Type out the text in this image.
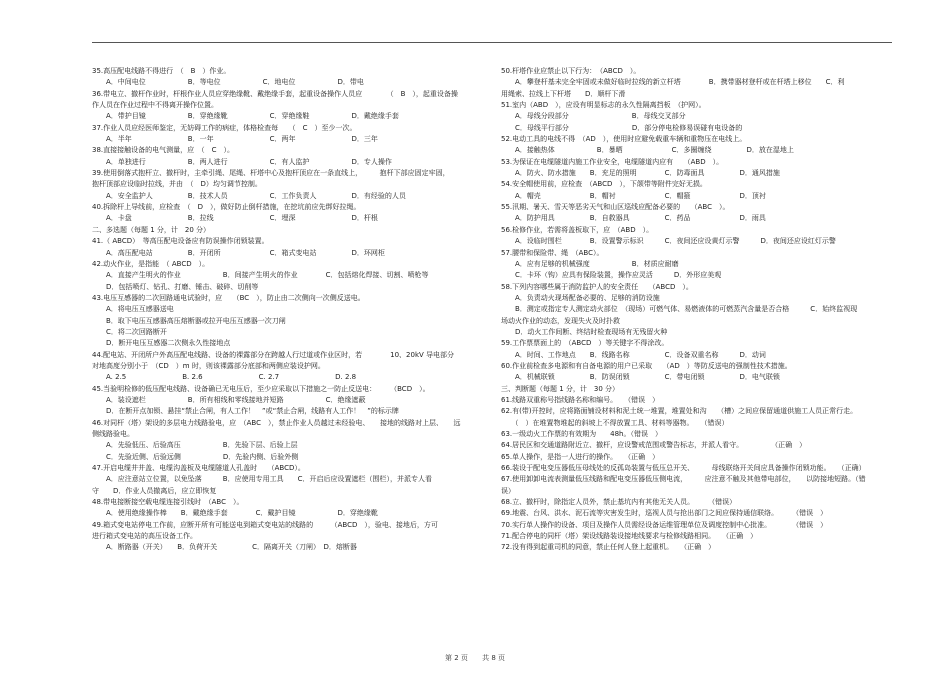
35.高压配电线路不得进行　（　B　）作业。
　　A．中间电位　　　　　　B．等电位　　　　　　C．地电位　　　　　　D．带电
36.带电立、撤杆作业时，杆根作业人员应穿绝缘靴、戴绝缘手套，起重设备操作人员应　　　　（　B　），起重设备操
作人员在作业过程中不得离开操作位置。
　　A．带护目镜　　　　　　B．穿绝缘靴　　　　　　C．穿绝缘鞋　　　　　　D．戴绝缘手套
37.作业人员应经医师鉴定，无妨碍工作的病症，体格检查每　　（　C　）至少一次。
　　A．半年　　　　　　　　B．一年　　　　　　　　C．两年　　　　　　　　D．三年
38.直接接触设备的电气测量，应　（　C　）。
　　A．单独进行　　　　　　B．两人进行　　　　　　C．有人监护　　　　　　D．专人操作
39.使用倒落式抱杆立、撤杆时，主牵引绳、尾绳、杆塔中心及抱杆顶应在一条直线上，　　　抱杆下部应固定牢固，
抱杆顶部应设临时拉线，并由　（　D）均匀调节控制。
　　A．安全监护人　　　　　B．技术人员　　　　　　C．工作负责人　　　　　D．有经验的人员
40.拆除杆上导线前，应检查　（　D　），做好防止倒杆措施，在挖坑前应先绑好拉绳。
　　A．卡盘　　　　　　　　B．拉线　　　　　　　　C．埋深　　　　　　　　D．杆根
二、多选题（每题 1 分，计　20 分）
41.（ ABCD）　等高压配电设备应有防误操作闭锁装置。
　　A．高压配电站　　　　　B．开闭所　　　　　　　C．箱式变电站　　　　　D．环网柜
42.动火作业，是指能　（ ABCD　）。
　　A．直接产生明火的作业　　　　　　B．间接产生明火的作业　　　　C．包括熔化焊接、切割、喷枪等
　　D．包括喷灯、钻孔、打磨、锤击、破碎、切削等
43.电压互感器的二次回路通电试验时，应　　（BC　），防止由二次侧向一次侧反送电。
　　A．将电压互感器送电
　　B．取下电压互感器高压熔断器或拉开电压互感器一次刀闸
　　C．将二次回路断开
　　D．断开电压互感器二次侧永久性接地点
44.配电站、开闭所户外高压配电线路、设备的裸露部分在跨越人行过道或作业区时，若　　　　10、20kV 导电部分
对地高度分别小于　（CD　）m 时，则该裸露部分底部和两侧应装设护网。
　　A. 2.5　　　　　　　　B. 2.6　　　　　　　　C. 2.7　　　　　　　　D. 2.8
45.当验明检修的低压配电线路、设备确已无电压后，至少应采取以下措施之一防止反送电：　　　（BCD　）。
　　A．装设遮栏　　　　　　B．所有相线和零线接地并短路　　　　　　C．绝缘遮蔽
　　D．在断开点加锁、悬挂“禁止合闸，有人工作！　”或“禁止合闸，线路有人工作！　”的标示牌
46.对同杆（塔）架设的多层电力线路验电，应　（ABC　），禁止作业人员越过未经验电、　　接地的线路对上层、　　远
侧线路验电。
　　A．先验低压、后验高压　　　　　　B．先验下层、后验上层
　　C．先验近侧、后验远侧　　　　　　D．先验内侧、后验外侧
47.开启电缆井井盖、电缆沟盖板及电缆隧道人孔盖时　　（ABCD）。
　　A．应注意站立位置，以免坠落　　　B．应使用专用工具　　C．开启后应设置遮栏（围栏），并派专人看
守　　D．作业人员撤离后，应立即恢复
48.带电接断接空载电缆连接引线时　（ABC　）。
　　A．使用绝缘操作棒　　B．戴绝缘手套　　　　C．戴护目镜　　　　　　D．穿绝缘靴
49.箱式变电站停电工作前，应断开所有可能送电到箱式变电站的线路的　　　（ABCD　），验电、接地后，方可
进行箱式变电站的高压设备工作。
　　A．断路器（开关）　　B．负荷开关　　　　　C．隔离开关（刀闸）　D．熔断器
50.杆塔作业应禁止以下行为：　（ABCD　）。
　　A．攀登杆基未完全牢固或未做好临时拉线的新立杆塔　　　　B．携带器材登杆或在杆塔上移位　　C．利
用绳索、拉线上下杆塔　　D．顺杆下滑
51.室内（ABD　），应设有明显标志的永久性隔离挡板　（护网）。
　　A．母线分段部分　　　　　　　　　B．母线交叉部分
　　C．母线平行部分　　　　　　　　　D．部分停电检修易误碰有电设备的
52.电动工具的电线不得　（AD　），使用时应避免载重车辆和重物压在电线上。
　　A．接触热体　　　　　　B．暴晒　　　　　　　C．多圈缠绕　　　　　D．放在湿地上
53.为保证在电缆隧道内施工作业安全，电缆隧道内应有　　（ABD　）。
　　A．防火、防水措施　　B．充足的照明　　　　C．防毒面具　　　　　D．通风措施
54.安全帽使用前，应检查　（ABCD　），下颌带等附件完好无损。
　　A．帽壳　　　　　　　B．帽衬　　　　　　　C．帽箍　　　　　　　D．顶衬
55.汛期、暑天、雪天等恶劣天气和山区巡线应配备必要的　　（ABC　）。
　　A．防护用具　　　　　B．自救器具　　　　　C．药品　　　　　　　D．雨具
56.检修作业，若需将盖板取下，应　（ABD　）。
　　A．设临时围栏　　　　B．设置警示标识　　　C．夜间还应设黄灯示警　　　D．夜间还应设红灯示警
57.腰带和保险带、绳　（ABC）。
　　A．应有足够的机械强度　　　　　　B．材质应耐磨
　　C．卡环（钩）应具有保险装置，操作应灵活　　　D．外形应美观
58.下列内容哪些属于消防监护人的安全责任　　（ABCD　）。
　　A．负责动火现场配备必要的、足够的消防设施
　　B．测定或指定专人测定动火部位　（现场）可燃气体、易燃液体的可燃蒸汽含量是否合格　　　C．始终监视现
场动火作业的动态，发现失火及时扑救
　　D．动火工作间断、终结时检查现场有无残留火种
59.工作票票面上的　（ABCD　）等关键字不得涂改。
　　A．时间、工作地点　　B．线路名称　　　　　C．设备双重名称　　　D．动词
60.作业前检查多电源和有自备电源的用户已采取　　（AD　）等防反送电的强制性技术措施。
　　A．机械联锁　　　　　B．防误闭锁　　　　　C．带电闭锁　　　　　D．电气联锁
三、判断题（每题 1 分，计　30 分）
61.线路双重称号指线路名称和编号。　　（错误　）
62.有(带)开控时，应将路面铺设材料和泥土统一堆置，堆置处和沟　　（槽）之间应保留通道供施工人员正常行走。
　　（　）在堆置物堆起的斜坡上不得放置工具、材料等器物。　　（错误）
63.一级动火工作票的有效期为　　48h。（错误　）
64.居民区和交通道路附近立、撤杆，应设警戒范围或警告标志，并派人看守。　　　　　（正确　）
65.单人操作，是指一人进行的操作。　　（正确　）
66.装设于配电变压器低压母线处的反孤岛装置与低压总开关、　　　母线联络开关间应具备操作闭锁功能。　　（正确）
67.使用卸卸电流表测量低压线路和配电变压器低压侧电流，　　　应注意不触及其他带电部位，　　以防接地短路。（错
误）
68.立、撤杆时，除指定人员外，禁止基坑内有其他无关人员。　　　（错误）
69.地震、台风、洪水、泥石流等灾害发生时，巡视人员与抢出部门之间应保持通信联络。　　　（错误　）
70.实行单人操作的设备、项目及操作人员需经设备运维管理单位及调度控制中心批准。　　　　（错误　）
71.配合停电的同杆（塔）架设线路装设接地线要求与检修线路相同。　　（正确　）
72.没有得到起重司机的同意，禁止任何人登上起重机。　　（正确　）
第 2 页 共 8 页
